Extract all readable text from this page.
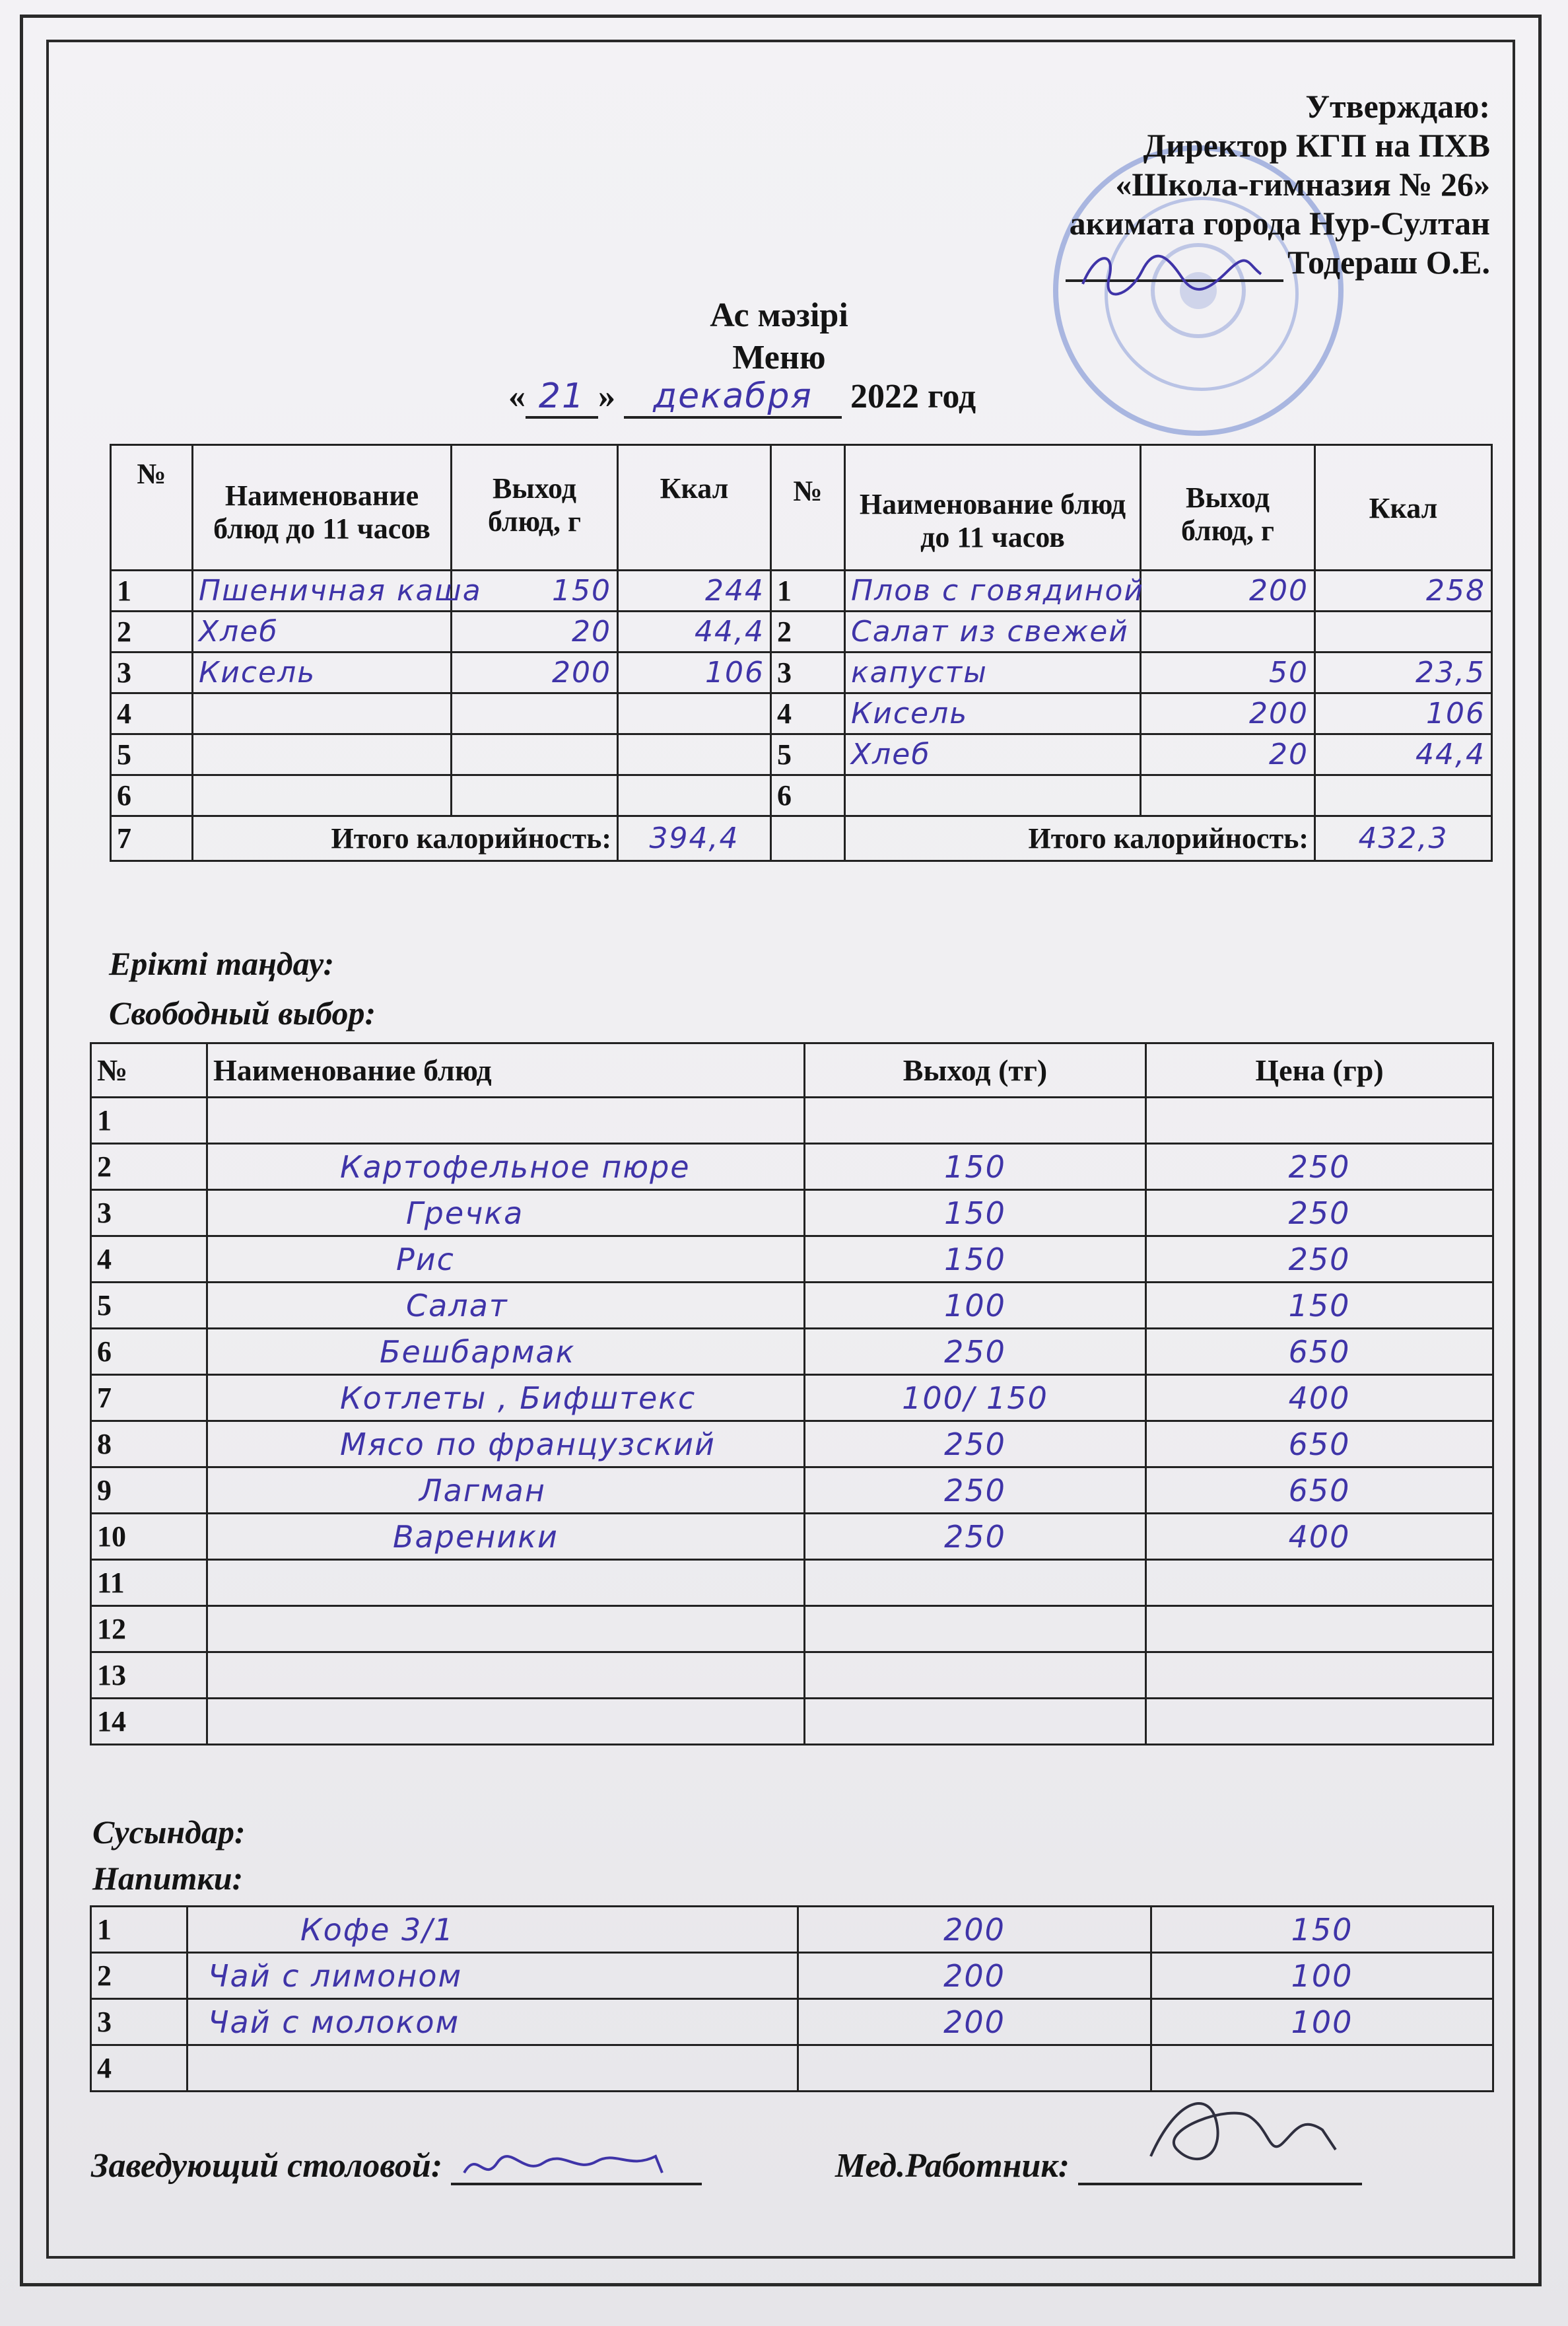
Утверждаю:
Директор КГП на ПХВ
«Школа-гимназия № 26»
акимата города Нур-Султан
Тодераш О.Е.
Ас мәзірі
Меню
« 21 » декабря 2022 год
№	Наименование блюд до 11 часов	Выход блюд, г	Ккал	№	Наименование блюд до 11 часов	Выход блюд, г	Ккал
1	Пшеничная каша	150	244	1	Плов с говядиной	200	258
2	Хлеб	20	44,4	2	Салат из свежей		
3	Кисель	200	106	3	капусты	50	23,5
4				4	Кисель	200	106
5				5	Хлеб	20	44,4
6				6			
7	Итого калорийность:		394,4		Итого калорийность:		432,3
Ерікті таңдау:
Свободный выбор:
№	Наименование блюд	Выход (тг)	Цена (гр)
1			
2	Картофельное пюре	150	250
3	Гречка	150	250
4	Рис	150	250
5	Салат	100	150
6	Бешбармак	250	650
7	Котлеты , Бифштекс	100/ 150	400
8	Мясо по французский	250	650
9	Лагман	250	650
10	Вареники	250	400
11			
12			
13			
14			
Сусындар:
Напитки:
1	Кофе 3/1	200	150
2	Чай с лимоном	200	100
3	Чай с молоком	200	100
4			
Заведующий столовой:	Мед.Работник:
